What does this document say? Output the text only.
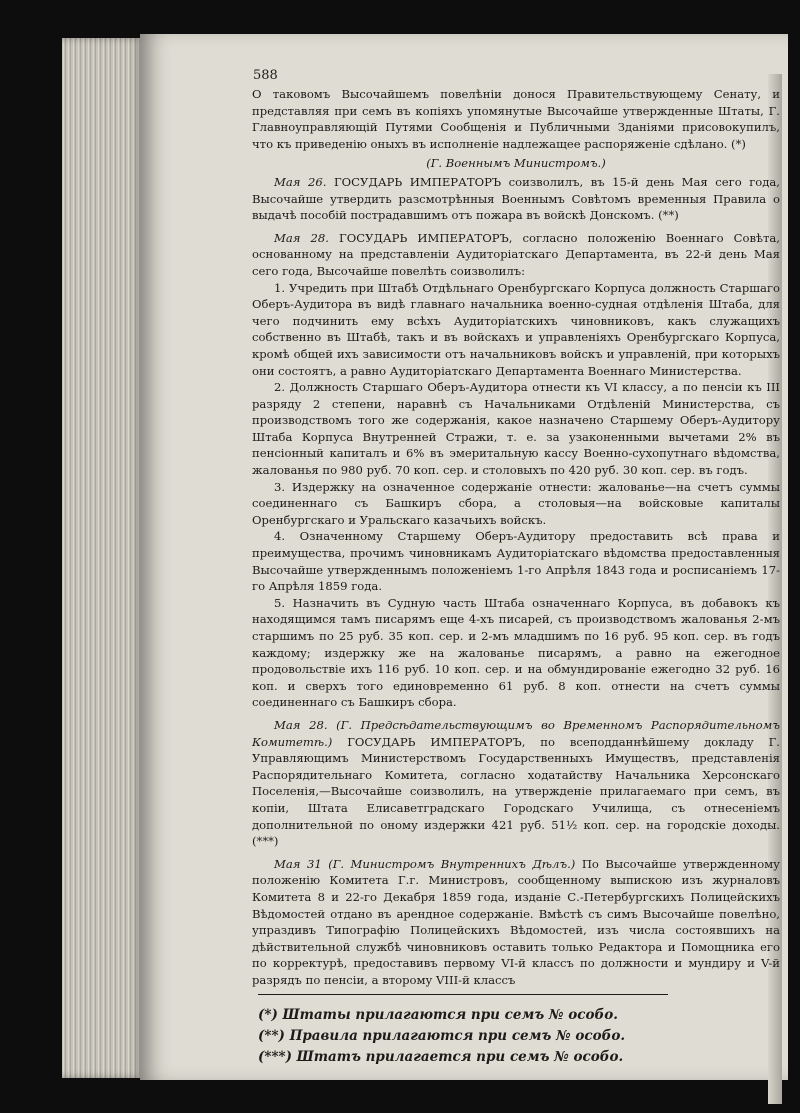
588

О таковомъ Высочайшемъ повелѣніи донося Правительствующему Сенату, и представляя при семъ въ копіяхъ упомянутые Высочайше утвержденные Штаты, Г. Главноуправляющій Путями Сообщенія и Публичными Зданіями присовокупилъ, что къ приведенію оныхъ въ исполненіе надлежащее распоряженіе сдѣлано. (*)

(Г. Военнымъ Министромъ.)

Мая 26. ГОСУДАРЬ ИМПЕРАТОРЪ соизволилъ, въ 15-й день Мая сего года, Высочайше утвердить разсмотрѣнныя Военнымъ Совѣтомъ временныя Правила о выдачѣ пособій пострадавшимъ отъ пожара въ войскѣ Донскомъ. (**)

Мая 28. ГОСУДАРЬ ИМПЕРАТОРЪ, согласно положенію Военнаго Совѣта, основанному на представленіи Аудиторіатскаго Департамента, въ 22-й день Мая сего года, Высочайше повелѣть соизволилъ:

1. Учредить при Штабѣ Отдѣльнаго Оренбургскаго Корпуса должность Старшаго Оберъ-Аудитора въ видѣ главнаго начальника военно-судная отдѣленія Штаба, для чего подчинить ему всѣхъ Аудиторіатскихъ чиновниковъ, какъ служащихъ собственно въ Штабѣ, такъ и въ войскахъ и управленіяхъ Оренбургскаго Корпуса, кромѣ общей ихъ зависимости отъ начальниковъ войскъ и управленій, при которыхъ они состоятъ, а равно Аудиторіатскаго Департамента Военнаго Министерства.

2. Должность Старшаго Оберъ-Аудитора отнести къ VI классу, а по пенсіи къ III разряду 2 степени, наравнѣ съ Начальниками Отдѣленій Министерства, съ производствомъ того же содержанія, какое назначено Старшему Оберъ-Аудитору Штаба Корпуса Внутренней Стражи, т. е. за узаконенными вычетами 2% въ пенсіонный капиталъ и 6% въ эмеритальную кассу Военно-сухопутнаго вѣдомства, жалованья по 980 руб. 70 коп. сер. и столовыхъ по 420 руб. 30 коп. сер. въ годъ.

3. Издержку на означенное содержаніе отнести: жалованье—на счетъ суммы соединеннаго съ Башкиръ сбора, а столовыя—на войсковые капиталы Оренбургскаго и Уральскаго казачьихъ войскъ.

4. Означенному Старшему Оберъ-Аудитору предоставить всѣ права и преимущества, прочимъ чиновникамъ Аудиторіатскаго вѣдомства предоставленныя Высочайше утвержденнымъ положеніемъ 1-го Апрѣля 1843 года и росписаніемъ 17-го Апрѣля 1859 года.

5. Назначить въ Судную часть Штаба означеннаго Корпуса, въ добавокъ къ находящимся тамъ писарямъ еще 4-хъ писарей, съ производствомъ жалованья 2-мъ старшимъ по 25 руб. 35 коп. сер. и 2-мъ младшимъ по 16 руб. 95 коп. сер. въ годъ каждому; издержку же на жалованье писарямъ, а равно на ежегодное продовольствіе ихъ 116 руб. 10 коп. сер. и на обмундированіе ежегодно 32 руб. 16 коп. и сверхъ того единовременно 61 руб. 8 коп. отнести на счетъ суммы соединеннаго съ Башкиръ сбора.

Мая 28. (Г. Предсѣдательствующимъ во Временномъ Распорядительномъ Комитетѣ.) ГОСУДАРЬ ИМПЕРАТОРЪ, по всеподданнѣйшему докладу Г. Управляющимъ Министерствомъ Государственныхъ Имуществъ, представленія Распорядительнаго Комитета, согласно ходатайству Начальника Херсонскаго Поселенія,—Высочайше соизволилъ, на утвержденіе прилагаемаго при семъ, въ копіи, Штата Елисаветградскаго Городскаго Училища, съ отнесеніемъ дополнительной по оному издержки 421 руб. 51½ коп. сер. на городскіе доходы. (***)

Мая 31 (Г. Министромъ Внутреннихъ Дѣлъ.) По Высочайше утвержденному положенію Комитета Г.г. Министровъ, сообщенному выпискою изъ журналовъ Комитета 8 и 22-го Декабря 1859 года, изданіе С.-Петербургскихъ Полицейскихъ Вѣдомостей отдано въ арендное содержаніе. Вмѣстѣ съ симъ Высочайше повелѣно, упраздивъ Типографію Полицейскихъ Вѣдомостей, изъ числа состоявшихъ на дѣйствительной службѣ чиновниковъ оставить только Редактора и Помощника его по корректурѣ, предоставивъ первому VI-й классъ по должности и мундиру и V-й разрядъ по пенсіи, а второму VIII-й классъ

(*) Штаты прилагаются при семъ № особо.
(**) Правила прилагаются при семъ № особо.
(***) Штатъ прилагается при семъ № особо.
